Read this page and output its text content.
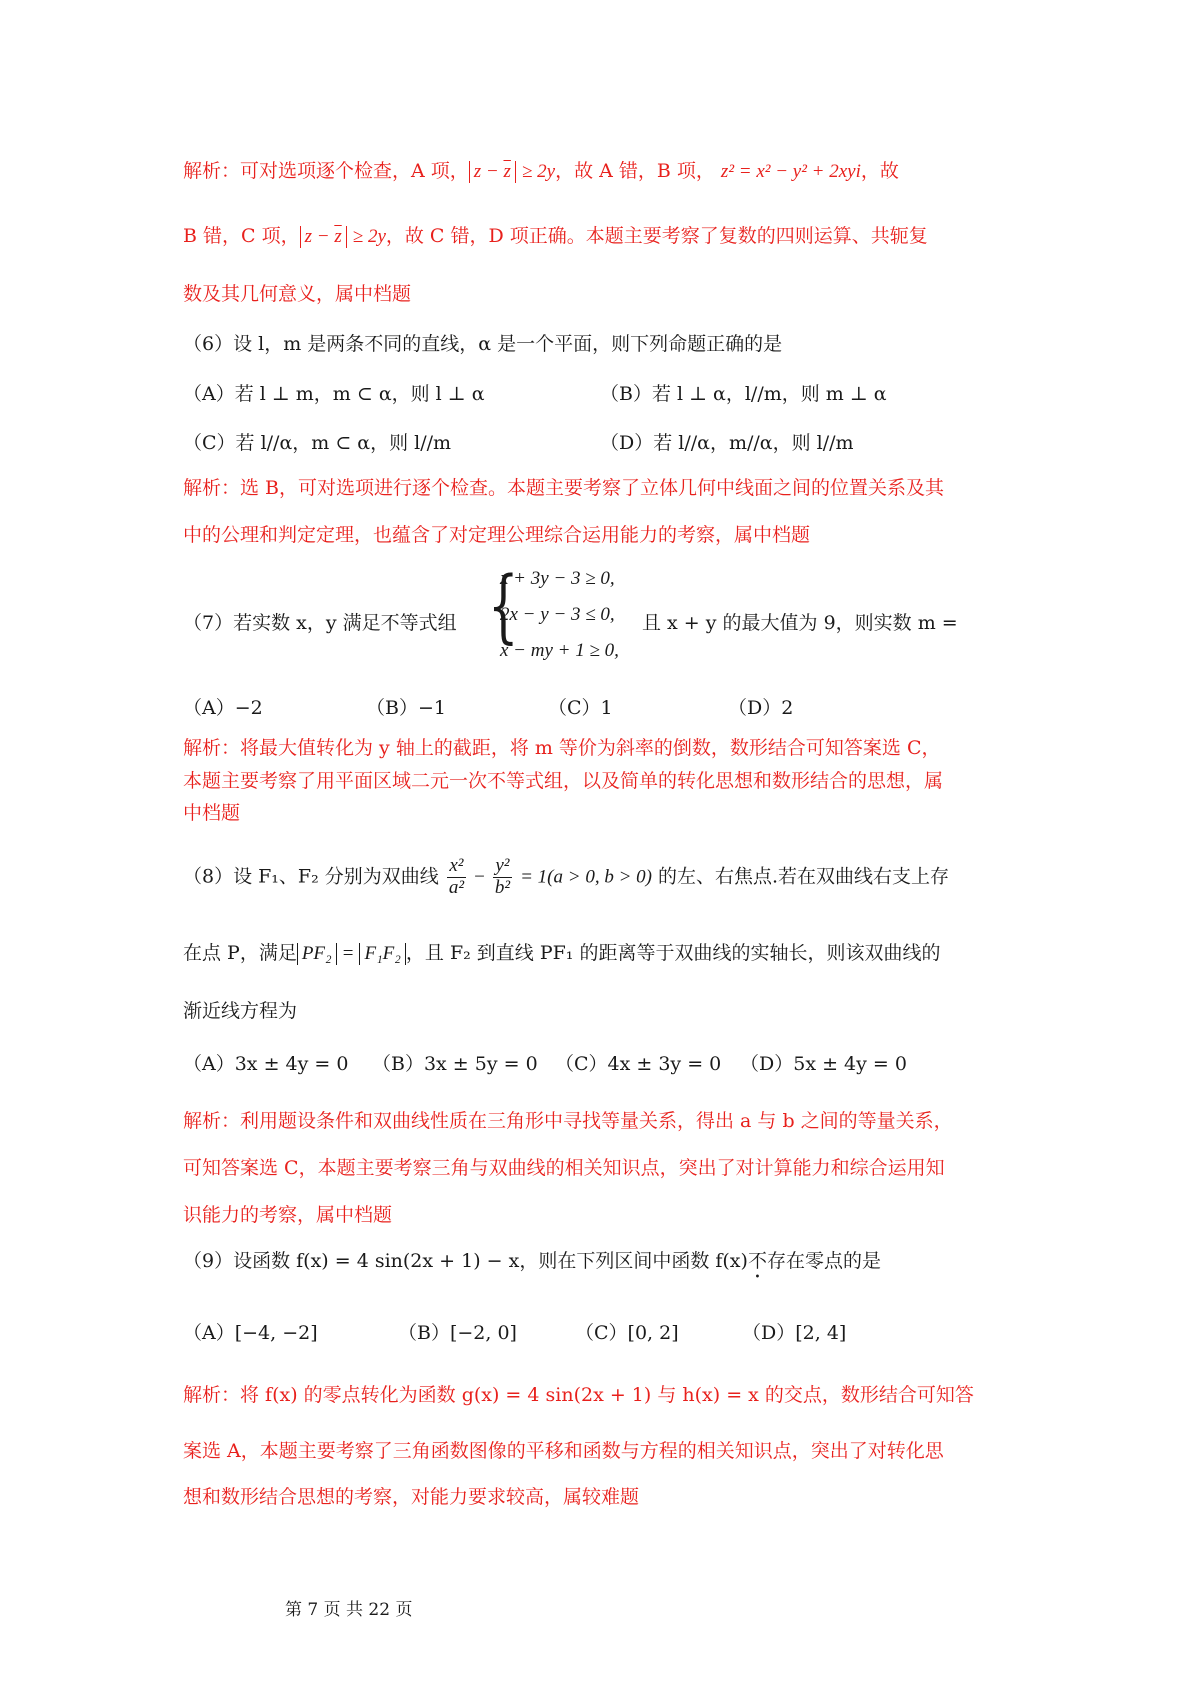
解析：可对选项逐个检查，A 项， $z - \overline{z} \ge 2y$，故 A 错，B 项， z² = x² − y² + 2xyi，故
B 错，C 项， $z - \overline{z} \ge 2y$，故 C 错，D 项正确。本题主要考察了复数的四则运算、共轭复
数及其几何意义，属中档题
（6）设 l，m 是两条不同的直线，α 是一个平面，则下列命题正确的是
（A）若 l ⊥ m，m ⊂ α，则 l ⊥ α	（B）若 l ⊥ α，l//m，则 m ⊥ α
（C）若 l//α，m ⊂ α，则 l//m	（D）若 l//α，m//α，则 l//m
解析：选 B，可对选项进行逐个检查。本题主要考察了立体几何中线面之间的位置关系及其
中的公理和判定定理，也蕴含了对定理公理综合运用能力的考察，属中档题
（7）若实数 x，y 满足不等式组 {
x + 3y − 3 ≥ 0,
2x − y − 3 ≤ 0,
x − my + 1 ≥ 0,
且 x + y 的最大值为 9，则实数 m =
（A）−2	（B）−1	（C）1	（D）2
解析：将最大值转化为 y 轴上的截距，将 m 等价为斜率的倒数，数形结合可知答案选 C，
本题主要考察了用平面区域二元一次不等式组，以及简单的转化思想和数形结合的思想，属
中档题
（8）设 F₁、F₂ 分别为双曲线 $\frac{\text{x²}}{\text{a²}} - \frac{\text{y²}}{\text{b²}} = 1(a > 0$, b > 0) 的左、右焦点.若在双曲线右支上存
在点 P，满足 PF₂ = F₁F₂ ，且 F₂ 到直线 PF₁ 的距离等于双曲线的实轴长，则该双曲线的
渐近线方程为
（A）3x ± 4y = 0 （B）3x ± 5y = 0 （C）4x ± 3y = 0 （D）5x ± 4y = 0
解析：利用题设条件和双曲线性质在三角形中寻找等量关系，得出 a 与 b 之间的等量关系，
可知答案选 C，本题主要考察三角与双曲线的相关知识点，突出了对计算能力和综合运用知
识能力的考察，属中档题
（9）设函数 f(x) = 4 sin(2x + 1) − x，则在下列区间中函数 f(x)不存在零点的是
（A）[−4, −2]	（B）[−2, 0]	（C）[0, 2]	（D）[2, 4]
解析：将 f(x) 的零点转化为函数 g(x) = 4 sin(2x + 1) 与 h(x) = x 的交点，数形结合可知答
案选 A，本题主要考察了三角函数图像的平移和函数与方程的相关知识点，突出了对转化思
想和数形结合思想的考察，对能力要求较高，属较难题
第 7 页 共 22 页
